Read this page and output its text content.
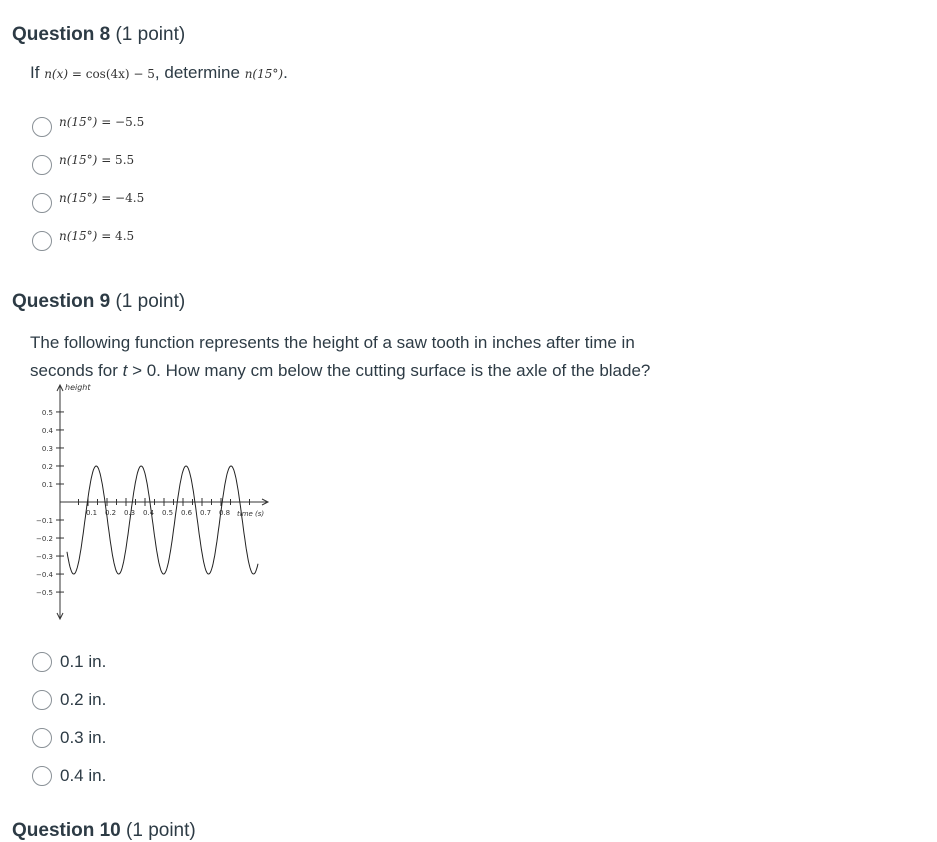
Question 8 (1 point)
If n(x) = cos(4x) − 5, determine n(15°).
n(15°) = −5.5
n(15°) = 5.5
n(15°) = −4.5
n(15°) = 4.5
Question 9 (1 point)
The following function represents the height of a saw tooth in inches after time in
seconds for t > 0. How many cm below the cutting surface is the axle of the blade?
height
time (s)
0.5
0.4
0.3
0.2
0.1
−0.1
−0.2
−0.3
−0.4
−0.5
0.1 0.2 0.3 0.4 0.5 0.6 0.7 0.8
0.1 in.
0.2 in.
0.3 in.
0.4 in.
Question 10 (1 point)
